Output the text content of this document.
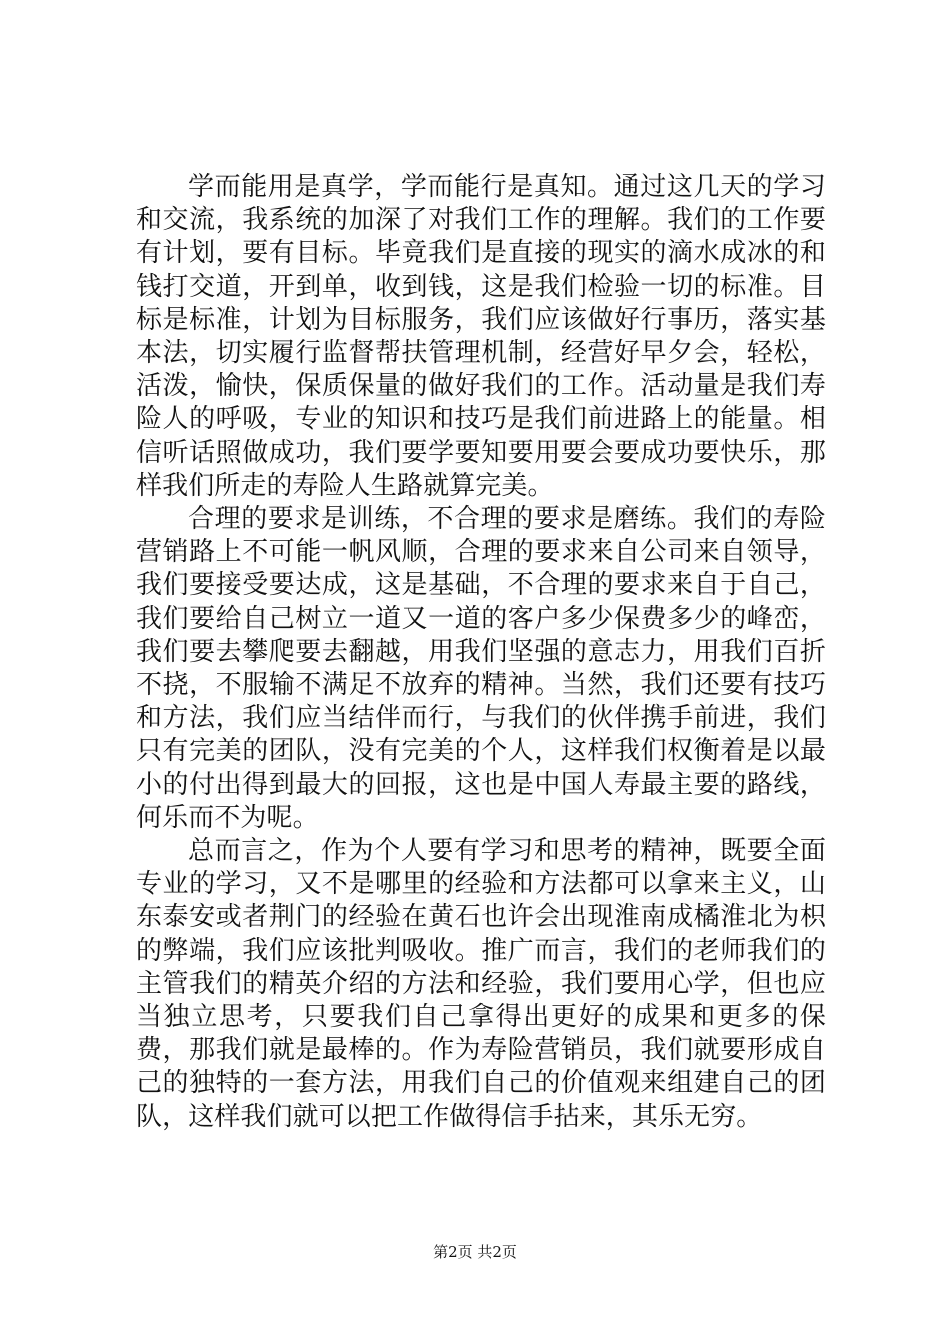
学而能用是真学，学而能行是真知。通过这几天的学习和交流，我系统的加深了对我们工作的理解。我们的工作要有计划，要有目标。毕竟我们是直接的现实的滴水成冰的和钱打交道，开到单，收到钱，这是我们检验一切的标准。目标是标准，计划为目标服务，我们应该做好行事历，落实基本法，切实履行监督帮扶管理机制，经营好早夕会，轻松，活泼，愉快，保质保量的做好我们的工作。活动量是我们寿险人的呼吸，专业的知识和技巧是我们前进路上的能量。相信听话照做成功，我们要学要知要用要会要成功要快乐，那样我们所走的寿险人生路就算完美。

合理的要求是训练，不合理的要求是磨练。我们的寿险营销路上不可能一帆风顺，合理的要求来自公司来自领导，我们要接受要达成，这是基础，不合理的要求来自于自己，我们要给自己树立一道又一道的客户多少保费多少的峰峦，我们要去攀爬要去翻越，用我们坚强的意志力，用我们百折不挠，不服输不满足不放弃的精神。当然，我们还要有技巧和方法，我们应当结伴而行，与我们的伙伴携手前进，我们只有完美的团队，没有完美的个人，这样我们权衡着是以最小的付出得到最大的回报，这也是中国人寿最主要的路线，何乐而不为呢。

总而言之，作为个人要有学习和思考的精神，既要全面专业的学习，又不是哪里的经验和方法都可以拿来主义，山东泰安或者荆门的经验在黄石也许会出现淮南成橘淮北为枳的弊端，我们应该批判吸收。推广而言，我们的老师我们的主管我们的精英介绍的方法和经验，我们要用心学，但也应当独立思考，只要我们自己拿得出更好的成果和更多的保费，那我们就是最棒的。作为寿险营销员，我们就要形成自己的独特的一套方法，用我们自己的价值观来组建自己的团队，这样我们就可以把工作做得信手拈来，其乐无穷。

第2页 共2页
